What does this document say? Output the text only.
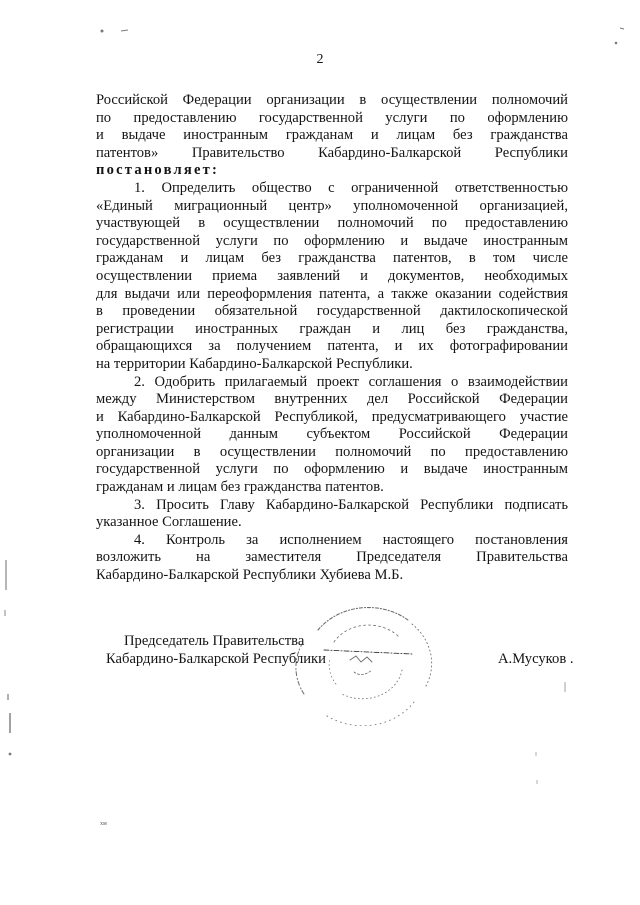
2
Российской Федерации организации в осуществлении полномочий
по предоставлению государственной услуги по оформлению
и выдаче иностранным гражданам и лицам без гражданства
патентов» Правительство Кабардино-Балкарской Республики
постановляет:
1. Определить общество с ограниченной ответственностью
«Единый миграционный центр» уполномоченной организацией,
участвующей в осуществлении полномочий по предоставлению
государственной услуги по оформлению и выдаче иностранным
гражданам и лицам без гражданства патентов, в том числе
осуществлении приема заявлений и документов, необходимых
для выдачи или переоформления патента, а также оказании содействия
в проведении обязательной государственной дактилоскопической
регистрации иностранных граждан и лиц без гражданства,
обращающихся за получением патента, и их фотографировании
на территории Кабардино-Балкарской Республики.
2. Одобрить прилагаемый проект соглашения о взаимодействии
между Министерством внутренних дел Российской Федерации
и Кабардино-Балкарской Республикой, предусматривающего участие
уполномоченной данным субъектом Российской Федерации
организации в осуществлении полномочий по предоставлению
государственной услуги по оформлению и выдаче иностранным
гражданам и лицам без гражданства патентов.
3. Просить Главу Кабардино-Балкарской Республики подписать
указанное Соглашение.
4. Контроль за исполнением настоящего постановления
возложить на заместителя Председателя Правительства
Кабардино-Балкарской Республики Хубиева М.Б.
Председатель Правительства
Кабардино-Балкарской Республики	А.Мусуков .
хм
